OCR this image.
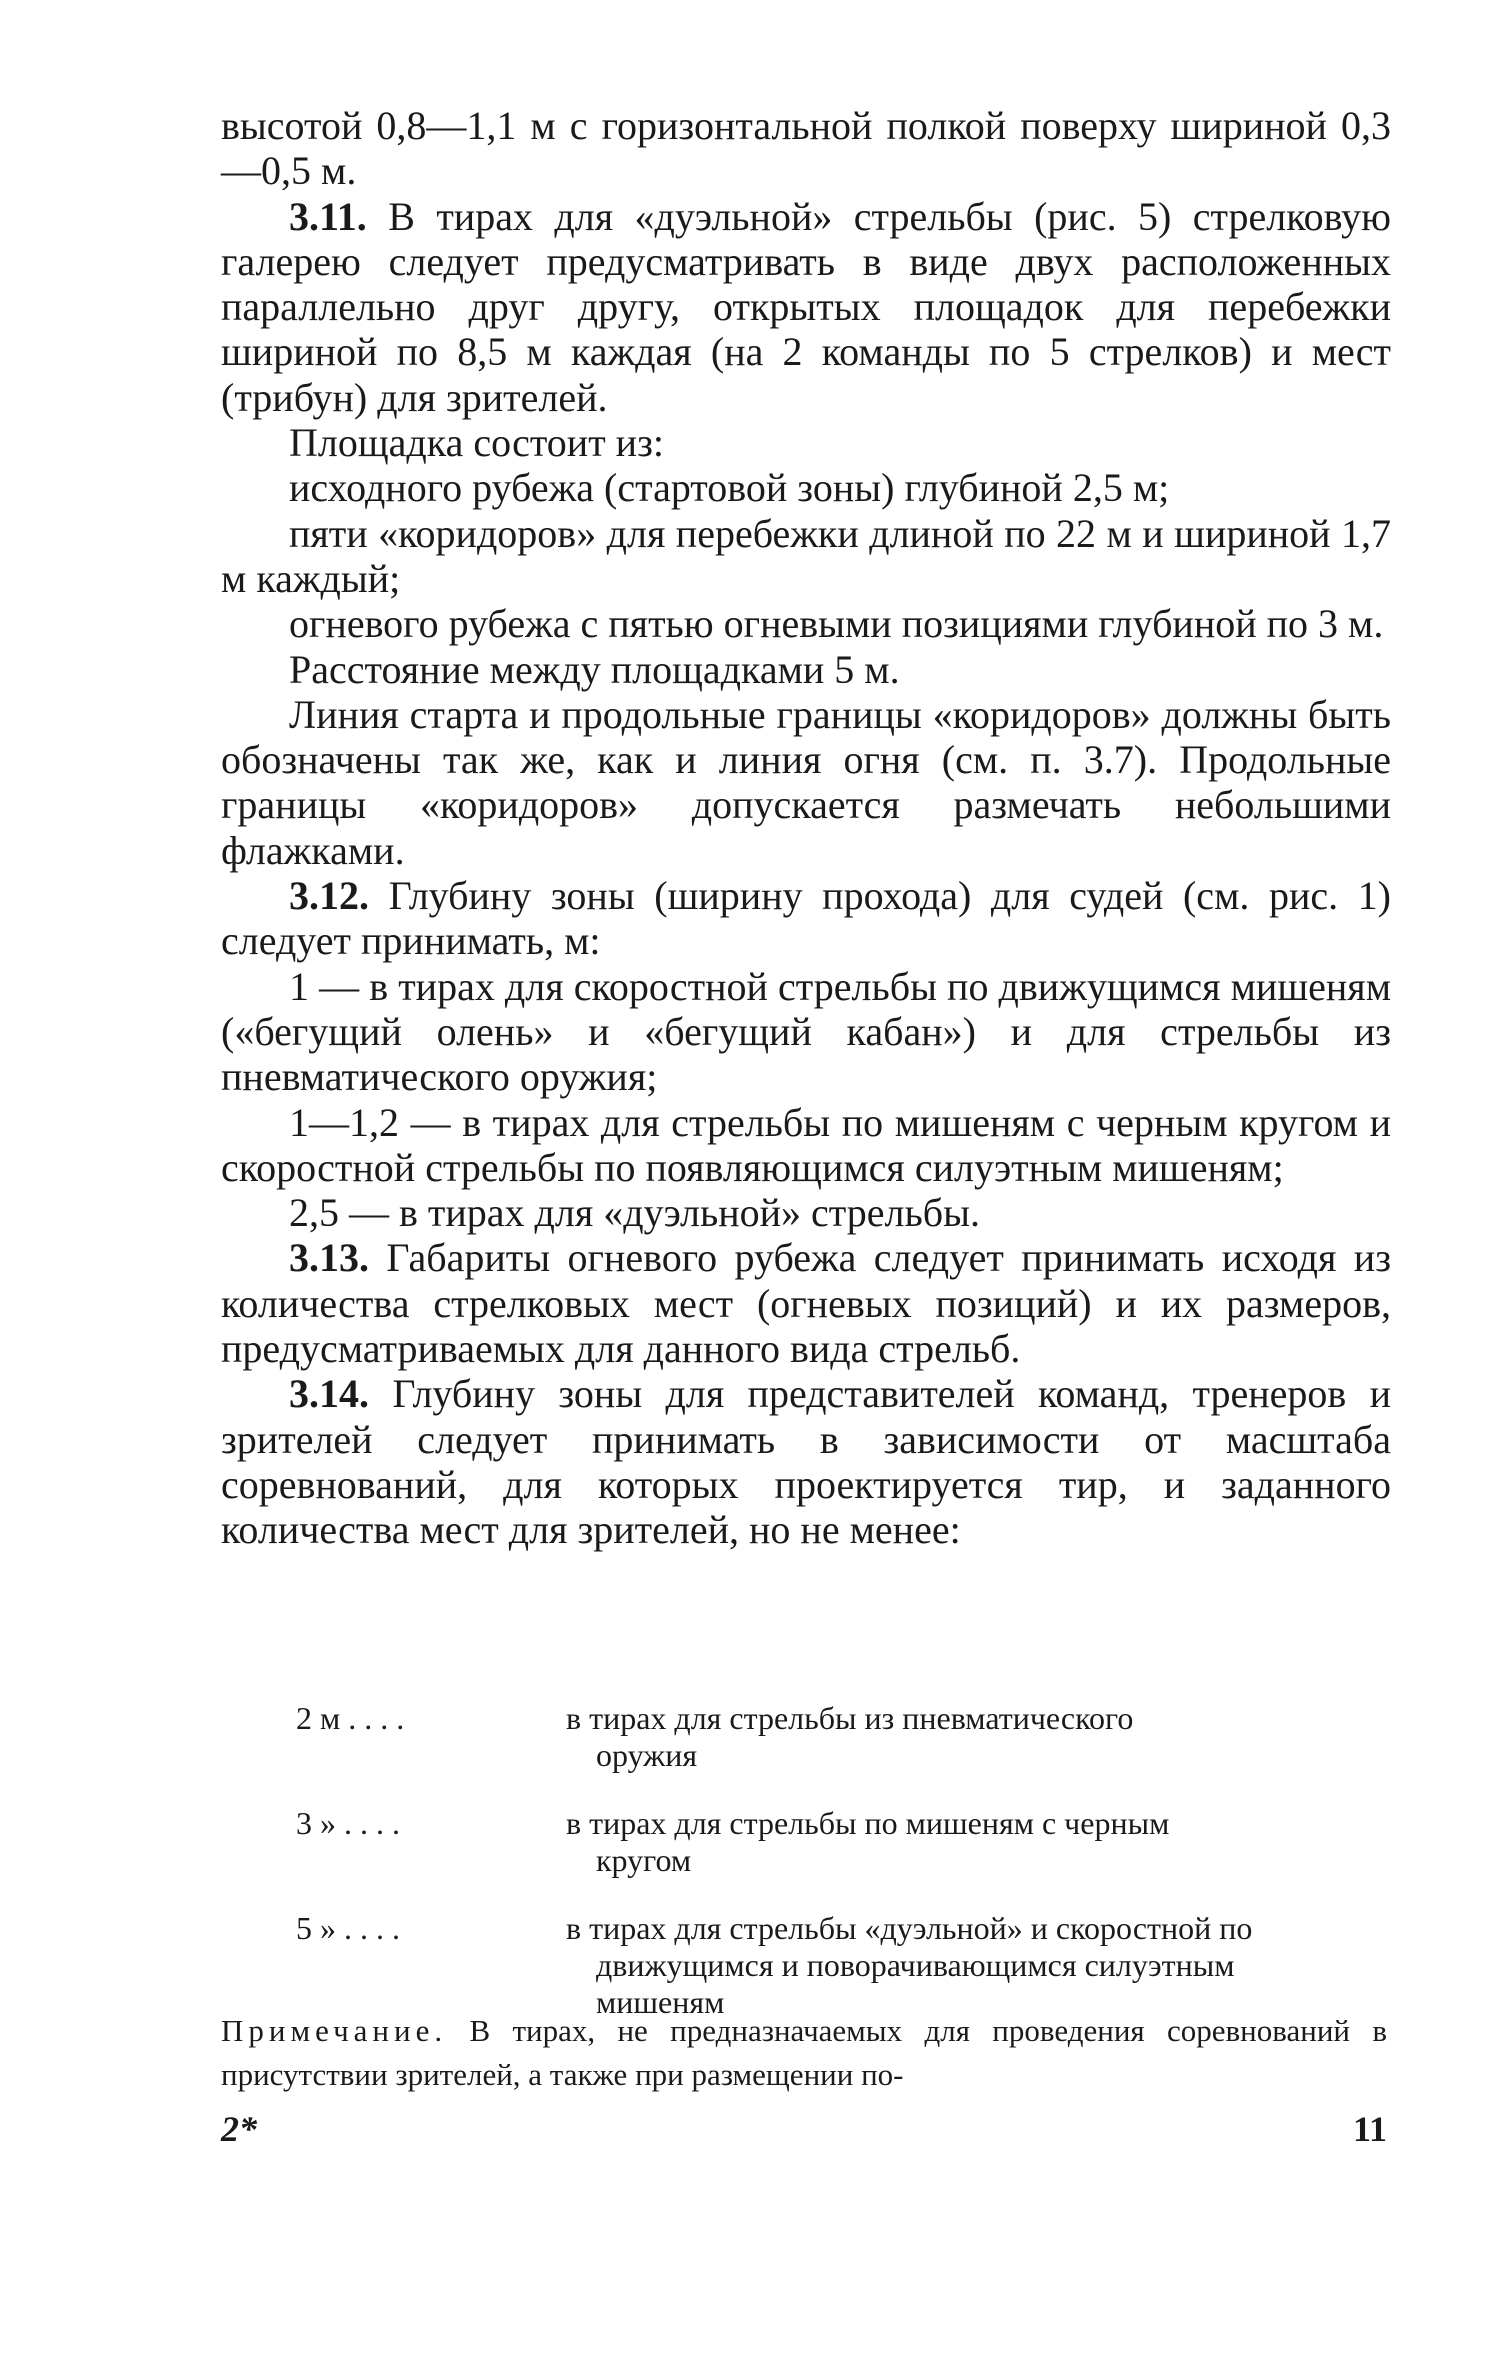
высотой 0,8—1,1 м с горизонтальной полкой поверху шириной 0,3—0,5 м.

3.11. В тирах для «дуэльной» стрельбы (рис. 5) стрелковую галерею следует предусматривать в виде двух расположенных параллельно друг другу, открытых площадок для перебежки шириной по 8,5 м каждая (на 2 команды по 5 стрелков) и мест (трибун) для зрителей.

Площадка состоит из:

исходного рубежа (стартовой зоны) глубиной 2,5 м;

пяти «коридоров» для перебежки длиной по 22 м и шириной 1,7 м каждый;

огневого рубежа с пятью огневыми позициями глубиной по 3 м.

Расстояние между площадками 5 м.

Линия старта и продольные границы «коридоров» должны быть обозначены так же, как и линия огня (см. п. 3.7). Продольные границы «коридоров» допускается размечать небольшими флажками.

3.12. Глубину зоны (ширину прохода) для судей (см. рис. 1) следует принимать, м:

1 — в тирах для скоростной стрельбы по движущимся мишеням («бегущий олень» и «бегущий кабан») и для стрельбы из пневматического оружия;

1—1,2 — в тирах для стрельбы по мишеням с черным кругом и скоростной стрельбы по появляющимся силуэтным мишеням;

2,5 — в тирах для «дуэльной» стрельбы.

3.13. Габариты огневого рубежа следует принимать исходя из количества стрелковых мест (огневых позиций) и их размеров, предусматриваемых для данного вида стрельб.

3.14. Глубину зоны для представителей команд, тренеров и зрителей следует принимать в зависимости от масштаба соревнований, для которых проектируется тир, и заданного количества мест для зрителей, но не менее:

2 м . . . .	в тирах для стрельбы из пневматического
оружия
3 » . . . .	в тирах для стрельбы по мишеням с черным
кругом
5 » . . . .	в тирах для стрельбы «дуэльной» и скоростной по движущимся и поворачивающимся силуэтным мишеням
Примечание. В тирах, не предназначаемых для проведения соревнований в присутствии зрителей, а также при размещении по-
2*	11
